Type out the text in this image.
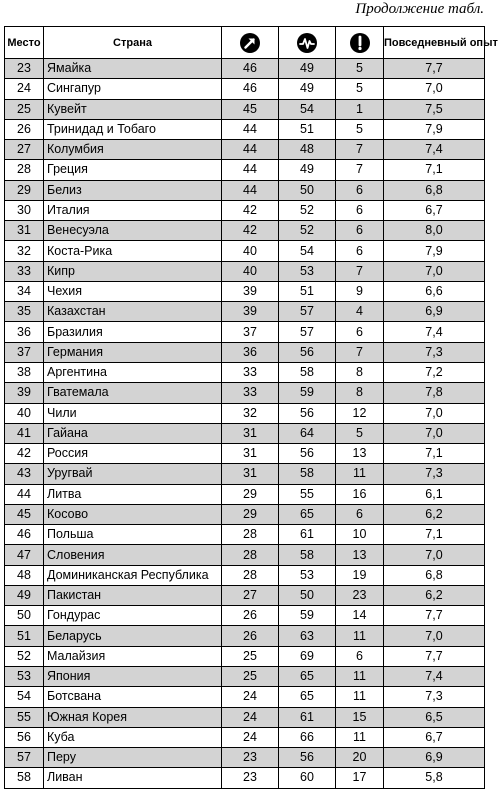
Продолжение табл.
Место	Страна				Повседневный опыт
23	Ямайка	46	49	5	7,7
24	Сингапур	46	49	5	7,0
25	Кувейт	45	54	1	7,5
26	Тринидад и Тобаго	44	51	5	7,9
27	Колумбия	44	48	7	7,4
28	Греция	44	49	7	7,1
29	Белиз	44	50	6	6,8
30	Италия	42	52	6	6,7
31	Венесуэла	42	52	6	8,0
32	Коста-Рика	40	54	6	7,9
33	Кипр	40	53	7	7,0
34	Чехия	39	51	9	6,6
35	Казахстан	39	57	4	6,9
36	Бразилия	37	57	6	7,4
37	Германия	36	56	7	7,3
38	Аргентина	33	58	8	7,2
39	Гватемала	33	59	8	7,8
40	Чили	32	56	12	7,0
41	Гайана	31	64	5	7,0
42	Россия	31	56	13	7,1
43	Уругвай	31	58	11	7,3
44	Литва	29	55	16	6,1
45	Косово	29	65	6	6,2
46	Польша	28	61	10	7,1
47	Словения	28	58	13	7,0
48	Доминиканская Республика	28	53	19	6,8
49	Пакистан	27	50	23	6,2
50	Гондурас	26	59	14	7,7
51	Беларусь	26	63	11	7,0
52	Малайзия	25	69	6	7,7
53	Япония	25	65	11	7,4
54	Ботсвана	24	65	11	7,3
55	Южная Корея	24	61	15	6,5
56	Куба	24	66	11	6,7
57	Перу	23	56	20	6,9
58	Ливан	23	60	17	5,8
